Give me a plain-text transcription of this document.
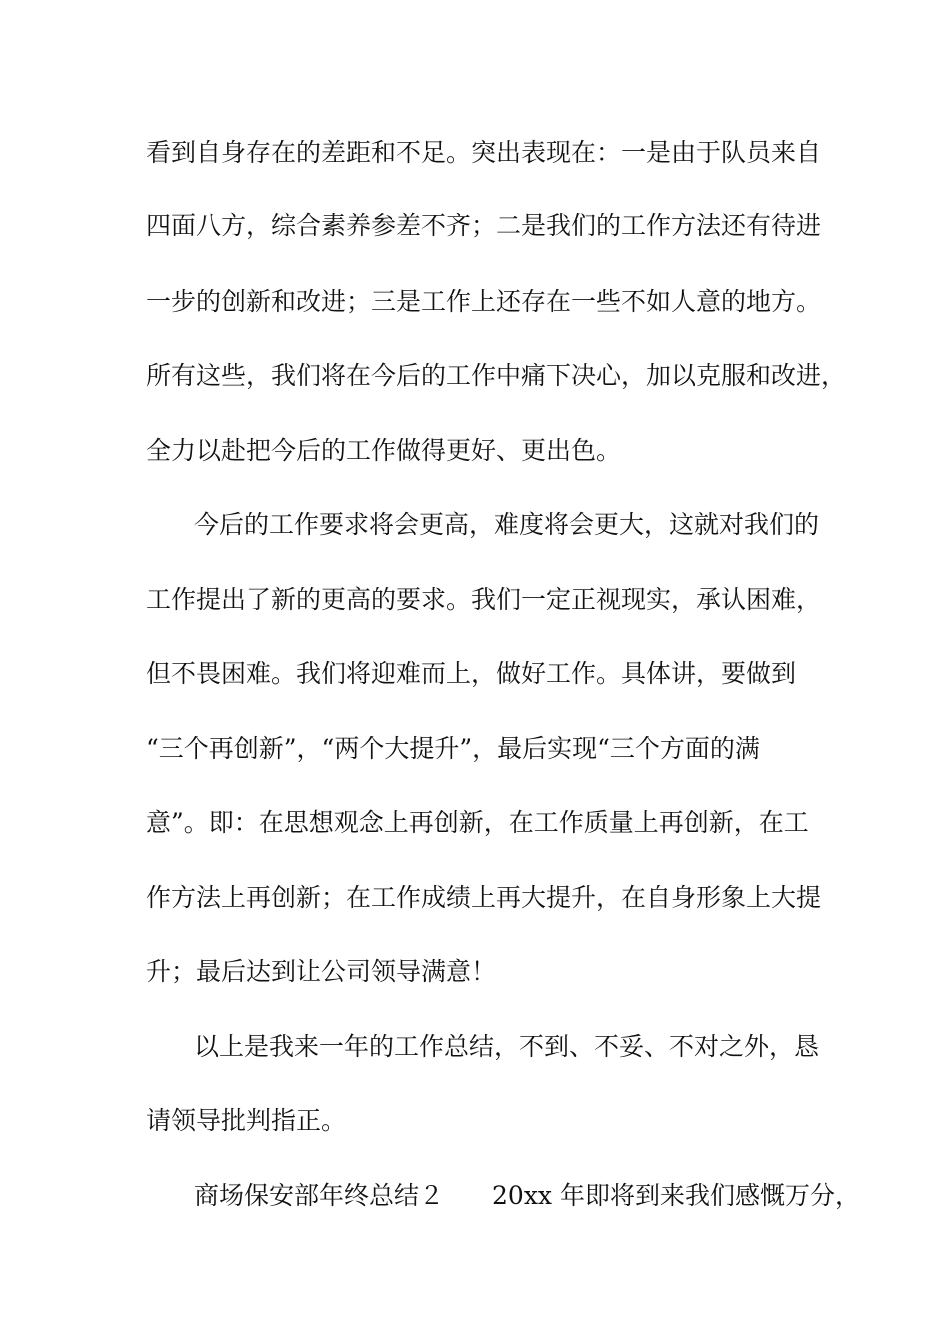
看到自身存在的差距和不足。突出表现在：一是由于队员来自
四面八方，综合素养参差不齐；二是我们的工作方法还有待进
一步的创新和改进；三是工作上还存在一些不如人意的地方。
所有这些，我们将在今后的工作中痛下决心，加以克服和改进，
全力以赴把今后的工作做得更好、更出色。
今后的工作要求将会更高，难度将会更大，这就对我们的
工作提出了新的更高的要求。我们一定正视现实，承认困难，
但不畏困难。我们将迎难而上，做好工作。具体讲，要做到
“三个再创新”，“两个大提升”，最后实现“三个方面的满
意”。即：在思想观念上再创新，在工作质量上再创新，在工
作方法上再创新；在工作成绩上再大提升，在自身形象上大提
升；最后达到让公司领导满意！
以上是我来一年的工作总结，不到、不妥、不对之外，恳
请领导批判指正。
商场保安部年终总结２ 20xx 年即将到来我们感慨万分，
